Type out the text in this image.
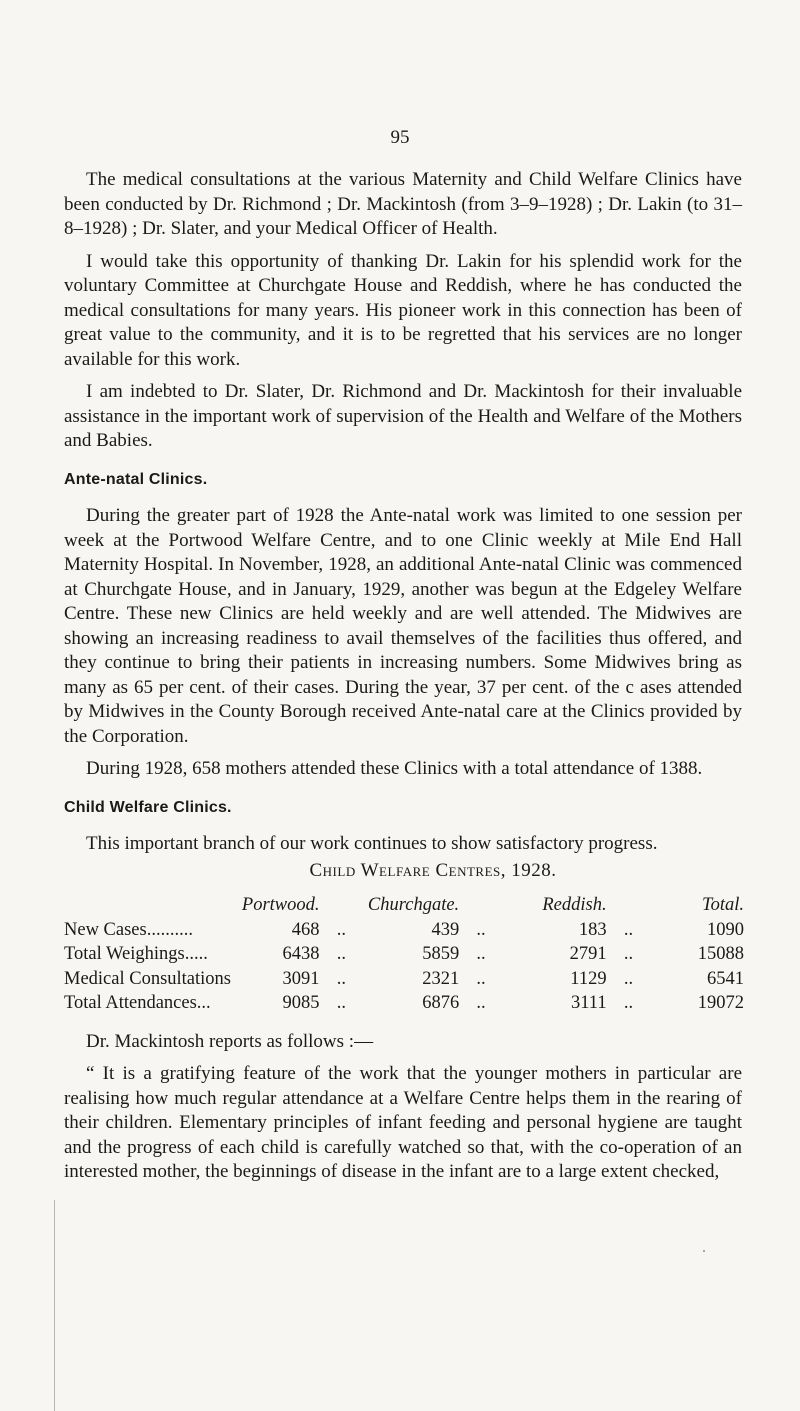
95

The medical consultations at the various Maternity and Child Welfare Clinics have been conducted by Dr. Richmond ; Dr. Mackintosh (from 3–9–1928) ; Dr. Lakin (to 31–8–1928) ; Dr. Slater, and your Medical Officer of Health.

I would take this opportunity of thanking Dr. Lakin for his splendid work for the voluntary Committee at Churchgate House and Reddish, where he has conducted the medical consultations for many years. His pioneer work in this connection has been of great value to the community, and it is to be regretted that his services are no longer available for this work.

I am indebted to Dr. Slater, Dr. Richmond and Dr. Mackintosh for their invaluable assistance in the important work of supervision of the Health and Welfare of the Mothers and Babies.

Ante-natal Clinics.

During the greater part of 1928 the Ante-natal work was limited to one session per week at the Portwood Welfare Centre, and to one Clinic weekly at Mile End Hall Maternity Hospital. In November, 1928, an additional Ante-natal Clinic was commenced at Churchgate House, and in January, 1929, another was begun at the Edgeley Welfare Centre. These new Clinics are held weekly and are well attended. The Midwives are showing an increasing readiness to avail themselves of the facilities thus offered, and they continue to bring their patients in increasing numbers. Some Midwives bring as many as 65 per cent. of their cases. During the year, 37 per cent. of the c ases attended by Midwives in the County Borough received Ante-natal care at the Clinics provided by the Corporation.

During 1928, 658 mothers attended these Clinics with a total attendance of 1388.

Child Welfare Clinics.

This important branch of our work continues to show satisfactory progress.

Child Welfare Centres, 1928.
	Portwood.		Churchgate.		Reddish.		Total.
New Cases..........	468	..	439	..	183	..	1090
Total Weighings.....	6438	..	5859	..	2791	..	15088
Medical Consultations	3091	..	2321	..	1129	..	6541
Total Attendances...	9085	..	6876	..	3111	..	19072

Dr. Mackintosh reports as follows :—

“ It is a gratifying feature of the work that the younger mothers in particular are realising how much regular attendance at a Welfare Centre helps them in the rearing of their children. Elementary principles of infant feeding and personal hygiene are taught and the progress of each child is carefully watched so that, with the co-operation of an interested mother, the beginnings of disease in the infant are to a large extent checked,
